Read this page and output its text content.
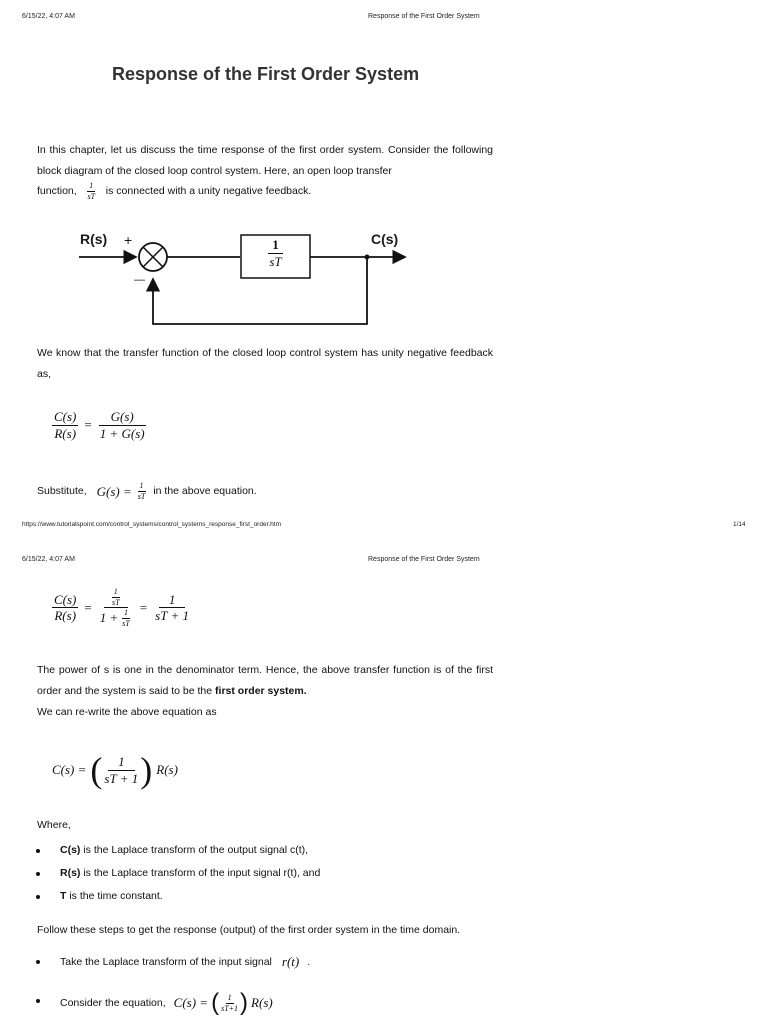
6/15/22, 4:07 AM	Response of the First Order System
Response of the First Order System
In this chapter, let us discuss the time response of the first order system. Consider the following block diagram of the closed loop control system. Here, an open loop transfer
function, $\frac{1}{sT}$ is connected with a unity negative feedback.
R(s) +
—
C(s)
$\frac{1}{sT}$
We know that the transfer function of the closed loop control system has unity negative feedback as,
$\frac{C(s)}{R(s)} = \frac{G(s)}{1 + G(s)}$
Substitute, $G(s) = \frac{1}{sT}$ in the above equation.
https://www.tutorialspoint.com/control_systems/control_systems_response_first_order.htm	1/14
6/15/22, 4:07 AM	Response of the First Order System
$\frac{C(s)}{R(s)} = \frac{\frac{1}{sT}}{1 + \frac{1}{sT}} = \frac{1}{sT + 1}$
The power of s is one in the denominator term. Hence, the above transfer function is of the first order and the system is said to be the first order system.
We can re-write the above equation as
C(s) = ( $\frac{1}{sT + 1}$ ) R(s)
Where,
C(s) is the Laplace transform of the output signal c(t),
R(s) is the Laplace transform of the input signal r(t), and
T is the time constant.
Follow these steps to get the response (output) of the first order system in the time domain.
Take the Laplace transform of the input signal r(t) .
Consider the equation, C(s) = ( $\frac{1}{sT+1}$ ) R(s)
